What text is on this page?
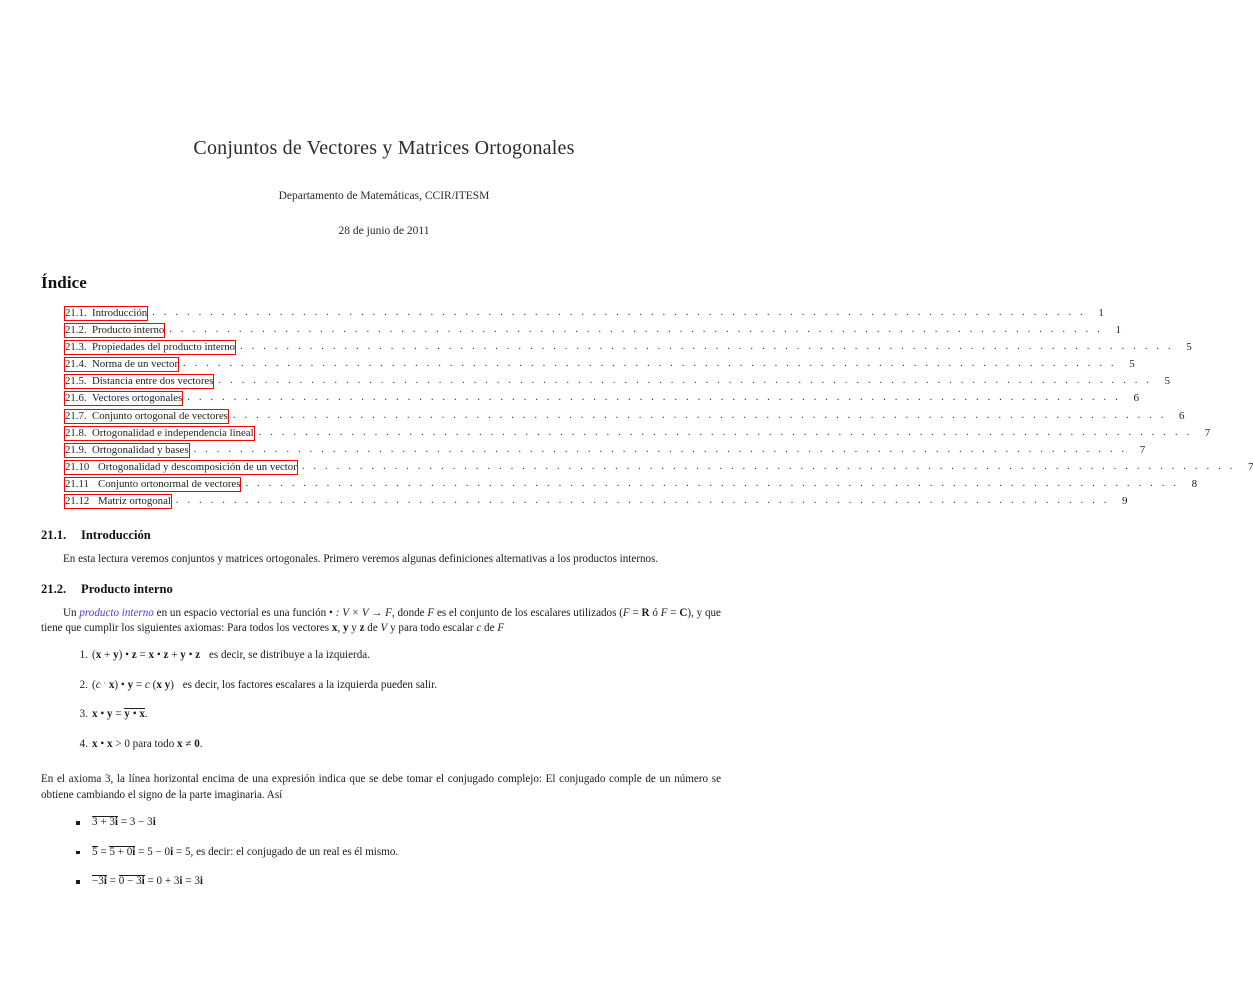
Conjuntos de Vectores y Matrices Ortogonales
Departamento de Matemáticas, CCIR/ITESM
28 de junio de 2011
Índice
21.1. Introducción . . . . . . . . . . . . . . . . . . . . . . . . . . . . . . . . . . . . . . . . . . . . . . . . . . . . . . . . . . . . . . . . . . . . . . . . . . . . . . . . .	1
21.2. Producto interno . . . . . . . . . . . . . . . . . . . . . . . . . . . . . . . . . . . . . . . . . . . . . . . . . . . . . . . . . . . . . . . . . . . . . . . . . . . . . . . . .	1
21.3. Propiedades del producto interno . . . . . . . . . . . . . . . . . . . . . . . . . . . . . . . . . . . . . . . . . . . . . . . . . . . . . . . . . . . . . . . . . . . . . . . . . . . . . . . . .	5
21.4. Norma de un vector . . . . . . . . . . . . . . . . . . . . . . . . . . . . . . . . . . . . . . . . . . . . . . . . . . . . . . . . . . . . . . . . . . . . . . . . . . . . . . . . .	5
21.5. Distancia entre dos vectores . . . . . . . . . . . . . . . . . . . . . . . . . . . . . . . . . . . . . . . . . . . . . . . . . . . . . . . . . . . . . . . . . . . . . . . . . . . . . . . . .	5
21.6. Vectores ortogonales . . . . . . . . . . . . . . . . . . . . . . . . . . . . . . . . . . . . . . . . . . . . . . . . . . . . . . . . . . . . . . . . . . . . . . . . . . . . . . . . .	6
21.7. Conjunto ortogonal de vectores . . . . . . . . . . . . . . . . . . . . . . . . . . . . . . . . . . . . . . . . . . . . . . . . . . . . . . . . . . . . . . . . . . . . . . . . . . . . . . . . .	6
21.8. Ortogonalidad e independencia lineal . . . . . . . . . . . . . . . . . . . . . . . . . . . . . . . . . . . . . . . . . . . . . . . . . . . . . . . . . . . . . . . . . . . . . . . . . . . . . . . . .	7
21.9. Ortogonalidad y bases . . . . . . . . . . . . . . . . . . . . . . . . . . . . . . . . . . . . . . . . . . . . . . . . . . . . . . . . . . . . . . . . . . . . . . . . . . . . . . . . .	7
21.10 Ortogonalidad y descomposición de un vector . . . . . . . . . . . . . . . . . . . . . . . . . . . . . . . . . . . . . . . . . . . . . . . . . . . . . . . . . . . . . . . . . . . . . . . . . . . . . . . . .	7
21.11 Conjunto ortonormal de vectores . . . . . . . . . . . . . . . . . . . . . . . . . . . . . . . . . . . . . . . . . . . . . . . . . . . . . . . . . . . . . . . . . . . . . . . . . . . . . . . . .	8
21.12 Matriz ortogonal . . . . . . . . . . . . . . . . . . . . . . . . . . . . . . . . . . . . . . . . . . . . . . . . . . . . . . . . . . . . . . . . . . . . . . . . . . . . . . . . .	9
21.1. Introducción
En esta lectura veremos conjuntos y matrices ortogonales. Primero veremos algunas definiciones alternativas a los productos internos.
21.2. Producto interno
Un producto interno en un espacio vectorial es una función • : V × V → F, donde F es el conjunto de los escalares utilizados (F = R ó F = C), y que tiene que cumplir los siguientes axiomas: Para todos los vectores x, y y z de V y para todo escalar c de F
1. (x + y) • z = x • z + y • z es decir, se distribuye a la izquierda.
2. (c · x) • y = c (x y) es decir, los factores escalares a la izquierda pueden salir.
3. x • y = y • x.
4. x • x > 0 para todo x ≠ 0.
En el axioma 3, la línea horizontal encima de una expresión indica que se debe tomar el conjugado complejo: El conjugado comple de un número se obtiene cambiando el signo de la parte imaginaria. Así
3 + 3i = 3 − 3i
5 = 5 + 0i = 5 − 0i = 5, es decir: el conjugado de un real es él mismo.
−3i = 0 − 3i = 0 + 3i = 3i
